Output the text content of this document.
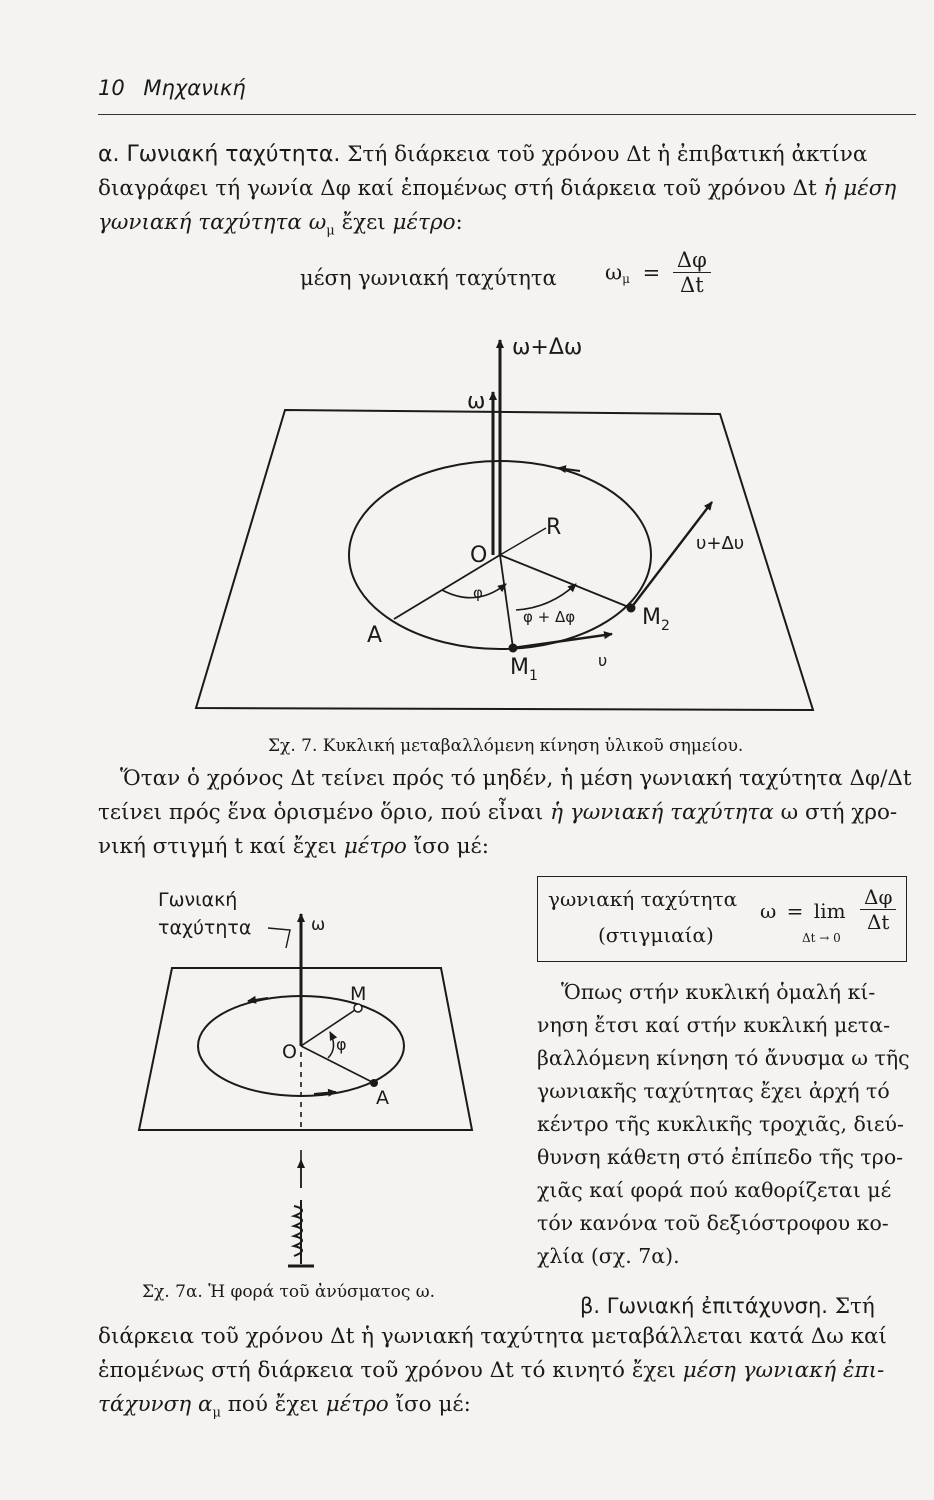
10 Μηχανική
α. Γωνιακή ταχύτητα. Στή διάρκεια τοῦ χρόνου Δt ἡ ἐπιβατική ἀκτίνα
διαγράφει τή γωνία Δφ καί ἑπομένως στή διάρκεια τοῦ χρόνου Δt ἡ μέση
γωνιακή ταχύτητα $\omega_\mu$ ἔχει μέτρο:
μέση γωνιακή ταχύτητα $\omega_\mu = \frac{\Delta\varphi}{\Delta t}$
ω+Δω
ω
R
O
φ
φ + Δφ
A
$M_1$
$M_2$
υ
υ+Δυ
Σχ. 7. Κυκλική μεταβαλλόμενη κίνηση ὑλικοῦ σημείου.
Ὅταν ὁ χρόνος Δt τείνει πρός τό μηδέν, ἡ μέση γωνιακή ταχύτητα Δφ/Δt
τείνει πρός ἕνα ὁρισμένο ὅριο, πού εἶναι ἡ γωνιακή ταχύτητα ω στή χρο-
νική στιγμή t καί ἔχει μέτρο ἴσο μέ:
γωνιακή ταχύτητα
(στιγμιαία)
ω = lim
Δt → 0
$\frac{\Delta\varphi}{\Delta t}$
Γωνιακή
ταχύτητα	ω
M
O φ
A
Σχ. 7α. Ἡ φορά τοῦ ἀνύσματος ω.
Ὅπως στήν κυκλική ὁμαλή κί-
νηση ἔτσι καί στήν κυκλική μετα-
βαλλόμενη κίνηση τό ἄνυσμα ω τῆς
γωνιακῆς ταχύτητας ἔχει ἀρχή τό
κέντρο τῆς κυκλικῆς τροχιᾶς, διεύ-
θυνση κάθετη στό ἐπίπεδο τῆς τρο-
χιᾶς καί φορά πού καθορίζεται μέ
τόν κανόνα τοῦ δεξιόστροφου κο-
χλία (σχ. 7α).
β. Γωνιακή ἐπιτάχυνση. Στή
διάρκεια τοῦ χρόνου Δt ἡ γωνιακή ταχύτητα μεταβάλλεται κατά Δω καί
ἑπομένως στή διάρκεια τοῦ χρόνου Δt τό κινητό ἔχει μέση γωνιακή ἐπι-
τάχυνση $\alpha_\mu$ πού ἔχει μέτρο ἴσο μέ:
